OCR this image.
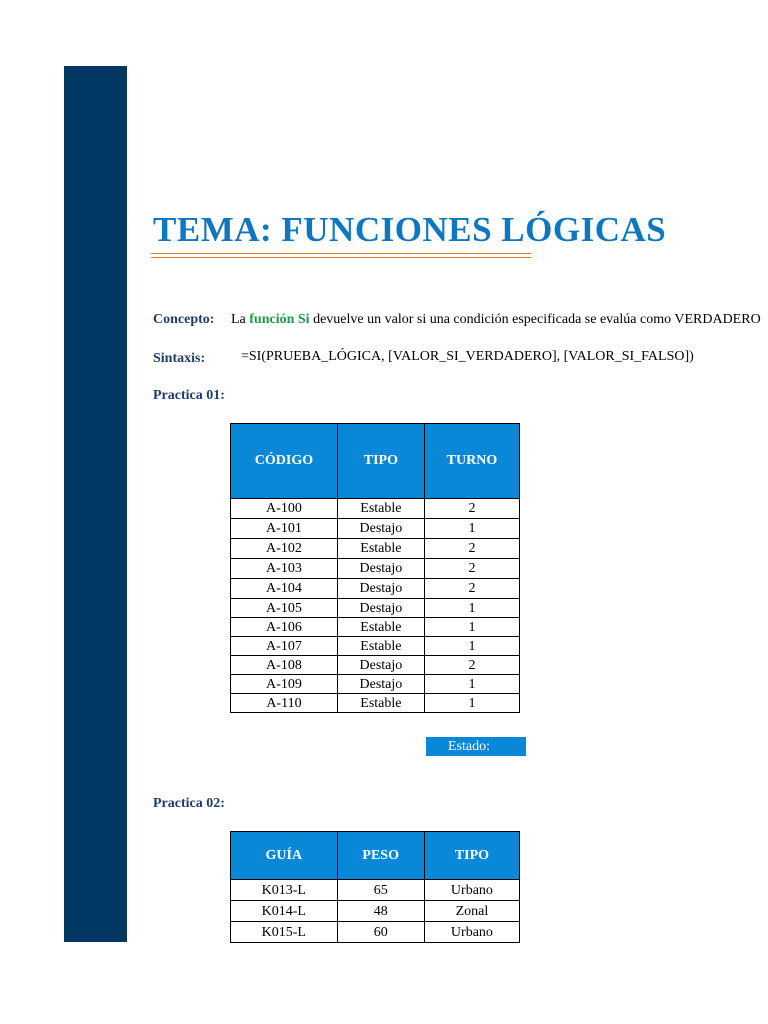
TEMA: FUNCIONES LÓGICAS
Concepto: La función Si devuelve un valor si una condición especificada se evalúa como VERDADERO
Sintaxis:	=SI(PRUEBA_LÓGICA, [VALOR_SI_VERDADERO], [VALOR_SI_FALSO])
Practica 01:
CÓDIGO	TIPO	TURNO
A-100	Estable	2
A-101	Destajo	1
A-102	Estable	2
A-103	Destajo	2
A-104	Destajo	2
A-105	Destajo	1
A-106	Estable	1
A-107	Estable	1
A-108	Destajo	2
A-109	Destajo	1
A-110	Estable	1
Estado:
Practica 02:
GUÍA	PESO	TIPO
K013-L	65	Urbano
K014-L	48	Zonal
K015-L	60	Urbano
